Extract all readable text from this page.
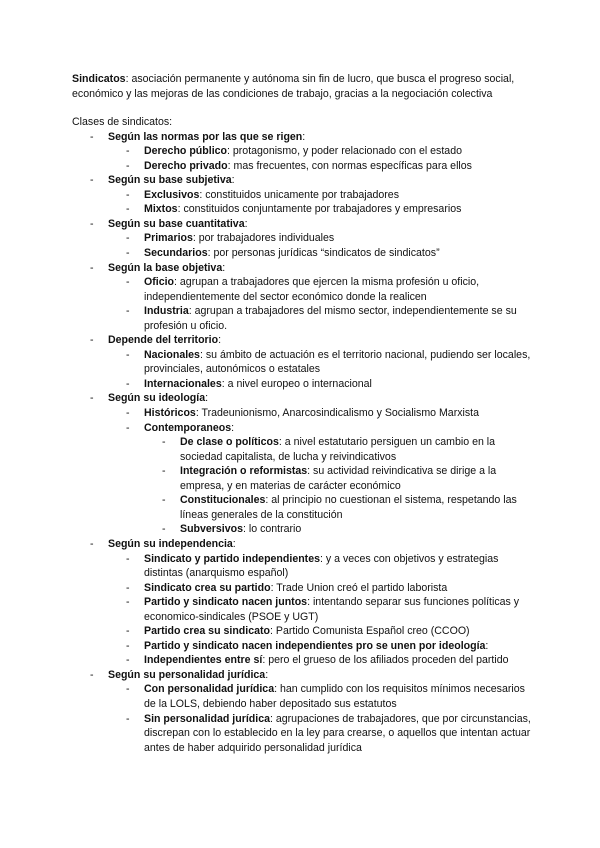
Sindicatos: asociación permanente y autónoma sin fin de lucro, que busca el progreso social, económico y las mejoras de las condiciones de trabajo, gracias a la negociación colectiva

Clases de sindicatos:

- Según las normas por las que se rigen:
- Derecho público: protagonismo, y poder relacionado con el estado
- Derecho privado: mas frecuentes, con normas específicas para ellos
- Según su base subjetiva:
- Exclusivos: constituidos unicamente por trabajadores
- Mixtos: constituidos conjuntamente por trabajadores y empresarios
- Según su base cuantitativa:
- Primarios: por trabajadores individuales
- Secundarios: por personas jurídicas “sindicatos de sindicatos”
- Según la base objetiva:
- Oficio: agrupan a trabajadores que ejercen la misma profesión u oficio, independientemente del sector económico donde la realicen
- Industria: agrupan a trabajadores del mismo sector, independientemente se su profesión u oficio.
- Depende del territorio:
- Nacionales: su ámbito de actuación es el territorio nacional, pudiendo ser locales, provinciales, autonómicos o estatales
- Internacionales: a nivel europeo o internacional
- Según su ideología:
- Históricos: Tradeunionismo, Anarcosindicalismo y Socialismo Marxista
- Contemporaneos:
- De clase o políticos: a nivel estatutario persiguen un cambio en la sociedad capitalista, de lucha y reivindicativos
- Integración o reformistas: su actividad reivindicativa se dirige a la empresa, y en materias de carácter económico
- Constitucionales: al principio no cuestionan el sistema, respetando las líneas generales de la constitución
- Subversivos: lo contrario
- Según su independencia:
- Sindicato y partido independientes: y a veces con objetivos y estrategias distintas (anarquismo español)
- Sindicato crea su partido: Trade Union creó el partido laborista
- Partido y sindicato nacen juntos: intentando separar sus funciones políticas y economico-sindicales (PSOE y UGT)
- Partido crea su sindicato: Partido Comunista Español creo (CCOO)
- Partido y sindicato nacen independientes pro se unen por ideología:
- Independientes entre sí: pero el grueso de los afiliados proceden del partido
- Según su personalidad jurídica:
- Con personalidad jurídica: han cumplido con los requisitos mínimos necesarios de la LOLS, debiendo haber depositado sus estatutos
- Sin personalidad jurídica: agrupaciones de trabajadores, que por circunstancias, discrepan con lo establecido en la ley para crearse, o aquellos que intentan actuar antes de haber adquirido personalidad jurídica
